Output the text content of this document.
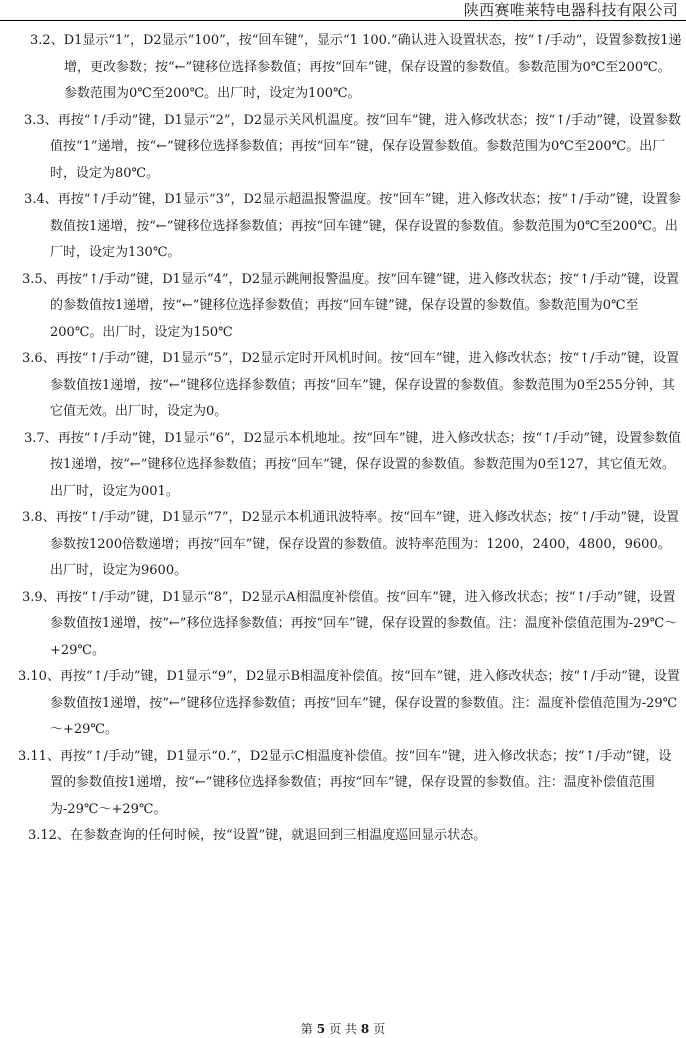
陕西赛唯莱特电器科技有限公司
3.2、D1显示“1”，D2显示“100”，按“回车键”，显示“1 100.”确认进入设置状态，按“↑/手动”，设置参数按1递增，更改参数；按“←”键移位选择参数值；再按“回车”键，保存设置的参数值。参数范围为0℃至200℃。参数范围为0℃至200℃。出厂时，设定为100℃。
3.3、再按“↑/手动”键，D1显示“2”，D2显示关风机温度。按“回车”键，进入修改状态；按“↑/手动”键，设置参数值按“1”递增，按“←”键移位选择参数值；再按“回车”键，保存设置参数值。参数范围为0℃至200℃。出厂时，设定为80℃。
3.4、再按“↑/手动”键，D1显示“3”，D2显示超温报警温度。按“回车”键，进入修改状态；按“↑/手动”键，设置参数值按1递增，按“←”键移位选择参数值；再按“回车键”键，保存设置的参数值。参数范围为0℃至200℃。出厂时，设定为130℃。
3.5、再按“↑/手动”键，D1显示“4”，D2显示跳闸报警温度。按“回车键”键，进入修改状态；按“↑/手动”键，设置的参数值按1递增，按“←”键移位选择参数值；再按“回车键”键，保存设置的参数值。参数范围为0℃至200℃。出厂时，设定为150℃
3.6、再按“↑/手动”键，D1显示“5”，D2显示定时开风机时间。按“回车”键，进入修改状态；按“↑/手动”键，设置参数值按1递增，按“←”键移位选择参数值；再按“回车”键，保存设置的参数值。参数范围为0至255分钟，其它值无效。出厂时，设定为0。
3.7、再按“↑/手动”键，D1显示“6”，D2显示本机地址。按“回车”键，进入修改状态；按“↑/手动”键，设置参数值按1递增，按“←”键移位选择参数值；再按“回车”键，保存设置的参数值。参数范围为0至127，其它值无效。出厂时，设定为001。
3.8、再按“↑/手动”键，D1显示“7”，D2显示本机通讯波特率。按“回车”键，进入修改状态；按“↑/手动”键，设置参数按1200倍数递增；再按“回车”键，保存设置的参数值。波特率范围为：1200，2400，4800，9600。出厂时，设定为9600。
3.9、再按“↑/手动”键，D1显示“8”，D2显示A相温度补偿值。按“回车”键，进入修改状态；按“↑/手动”键，设置参数值按1递增，按“←”移位选择参数值；再按“回车”键，保存设置的参数值。注：温度补偿值范围为-29℃～+29℃。
3.10、再按“↑/手动”键，D1显示“9”，D2显示B相温度补偿值。按“回车”键，进入修改状态；按“↑/手动”键，设置参数值按1递增，按“←”键移位选择参数值；再按“回车”键，保存设置的参数值。注：温度补偿值范围为-29℃～+29℃。
3.11、再按“↑/手动”键，D1显示“0.”，D2显示C相温度补偿值。按“回车”键，进入修改状态；按“↑/手动”键，设置的参数值按1递增，按“←”键移位选择参数值；再按“回车”键，保存设置的参数值。注：温度补偿值范围为-29℃～+29℃。
3.12、在参数查询的任何时候，按“设置”键，就退回到三相温度巡回显示状态。
第 5 页 共 8 页
